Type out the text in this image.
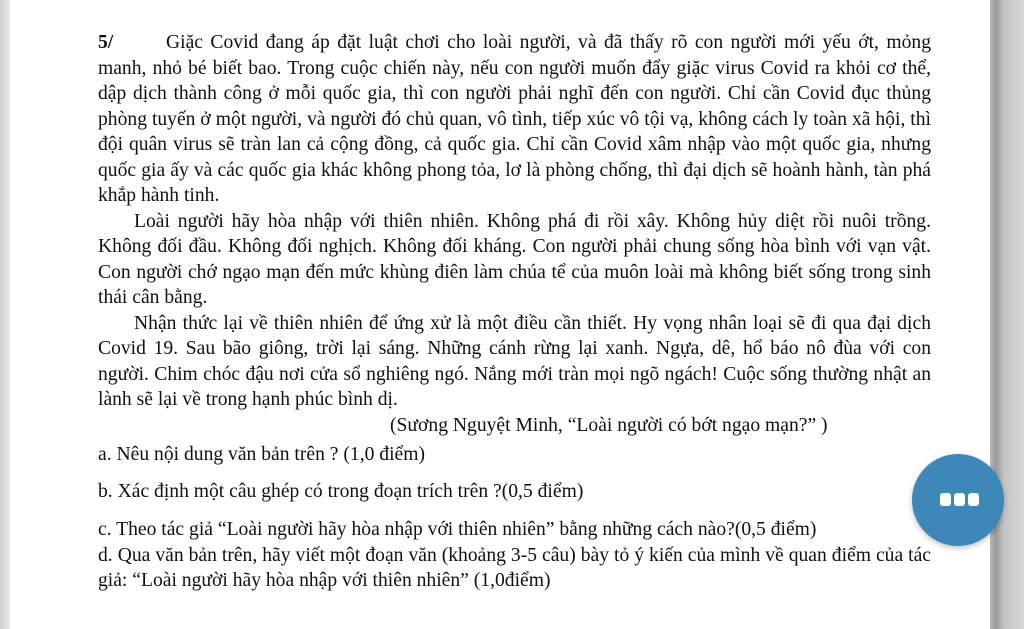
5/	Giặc Covid đang áp đặt luật chơi cho loài người, và đã thấy rõ con người mới yếu ớt, mỏng manh, nhỏ bé biết bao. Trong cuộc chiến này, nếu con người muốn đẩy giặc virus Covid ra khỏi cơ thể, dập dịch thành công ở mỗi quốc gia, thì con người phải nghĩ đến con người. Chỉ cần Covid đục thủng phòng tuyến ở một người, và người đó chủ quan, vô tình, tiếp xúc vô tội vạ, không cách ly toàn xã hội, thì đội quân virus sẽ tràn lan cả cộng đồng, cả quốc gia. Chỉ cần Covid xâm nhập vào một quốc gia, nhưng quốc gia ấy và các quốc gia khác không phong tỏa, lơ là phòng chống, thì đại dịch sẽ hoành hành, tàn phá khắp hành tinh.

Loài người hãy hòa nhập với thiên nhiên. Không phá đi rồi xây. Không hủy diệt rồi nuôi trồng. Không đối đầu. Không đối nghịch. Không đối kháng. Con người phải chung sống hòa bình với vạn vật. Con người chớ ngạo mạn đến mức khùng điên làm chúa tể của muôn loài mà không biết sống trong sinh thái cân bằng.

Nhận thức lại về thiên nhiên để ứng xử là một điều cần thiết. Hy vọng nhân loại sẽ đi qua đại dịch Covid 19. Sau bão giông, trời lại sáng. Những cánh rừng lại xanh. Ngựa, dê, hổ báo nô đùa với con người. Chim chóc đậu nơi cửa sổ nghiêng ngó. Nắng mới tràn mọi ngõ ngách! Cuộc sống thường nhật an lành sẽ lại về trong hạnh phúc bình dị.

(Sương Nguyệt Minh, “Loài người có bớt ngạo mạn?” )

a. Nêu nội dung văn bản trên ? (1,0 điểm)

b. Xác định một câu ghép có trong đoạn trích trên ?(0,5 điểm)

c. Theo tác giả “Loài người hãy hòa nhập với thiên nhiên” bằng những cách nào?(0,5 điểm)

d. Qua văn bản trên, hãy viết một đoạn văn (khoảng 3-5 câu) bày tỏ ý kiến của mình về quan điểm của tác giả: “Loài người hãy hòa nhập với thiên nhiên” (1,0điểm)
